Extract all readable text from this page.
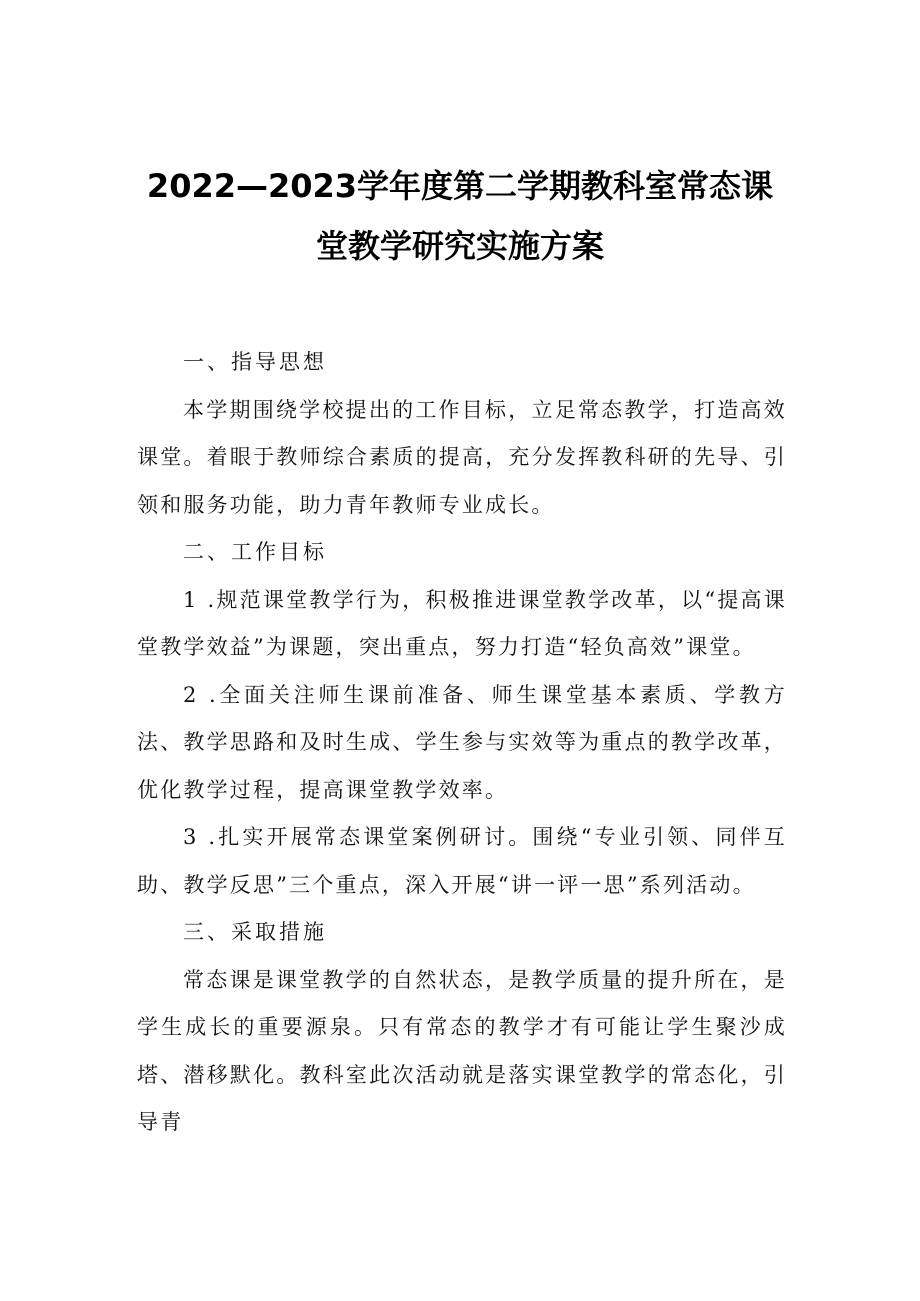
2022—2023学年度第二学期教科室常态课
堂教学研究实施方案

一、指导思想

本学期围绕学校提出的工作目标，立足常态教学，打造高效课堂。着眼于教师综合素质的提高，充分发挥教科研的先导、引领和服务功能，助力青年教师专业成长。

二、工作目标

1 .规范课堂教学行为，积极推进课堂教学改革，以“提高课堂教学效益”为课题，突出重点，努力打造“轻负高效”课堂。

2 .全面关注师生课前准备、师生课堂基本素质、学教方法、教学思路和及时生成、学生参与实效等为重点的教学改革，优化教学过程，提高课堂教学效率。

3 .扎实开展常态课堂案例研讨。围绕“专业引领、同伴互助、教学反思”三个重点，深入开展“讲一评一思”系列活动。

三、采取措施

常态课是课堂教学的自然状态，是教学质量的提升所在，是学生成长的重要源泉。只有常态的教学才有可能让学生聚沙成塔、潜移默化。教科室此次活动就是落实课堂教学的常态化，引导青
